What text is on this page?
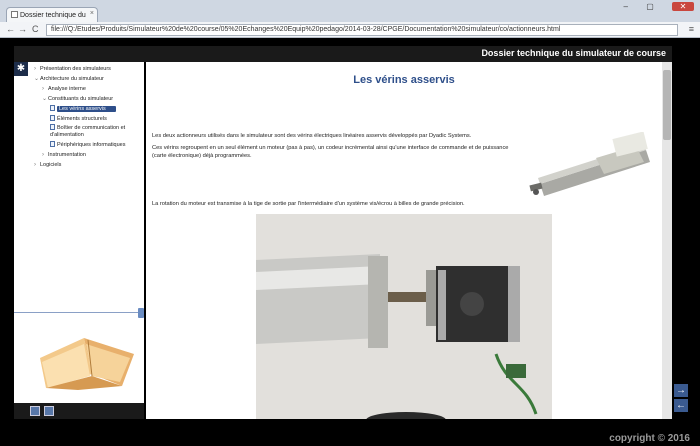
Dossier technique du ×
– ▢ ✕
← → C	file:///Q:/Etudes/Produits/Simulateur%20de%20course/05%20Echanges%20Equip%20pedago/2014-03-28/CPGE/Documentation%20simulateur/co/actionneurs.html	≡
Dossier technique du simulateur de course
✱	› Présentation des simulateurs
⌄Architecture du simulateur
› Analyse interne
⌄Constituants du simulateur
Les vérins asservis
Éléments structurels
Boîtier de communication et d'alimentation
Périphériques informatiques
› Instrumentation
› Logiciels
Les vérins asservis
Les deux actionneurs utilisés dans le simulateur sont des vérins électriques linéaires asservis développés par Dyadic Systems.
Ces vérins regroupent en un seul élément un moteur (pas à pas), un codeur incrémental ainsi qu'une interface de commande et de puissance (carte électronique) déjà programmées.
La rotation du moteur est transmise à la tige de sortie par l'intermédiaire d'un système vis/écrou à billes de grande précision.
→
←
copyright © 2016
